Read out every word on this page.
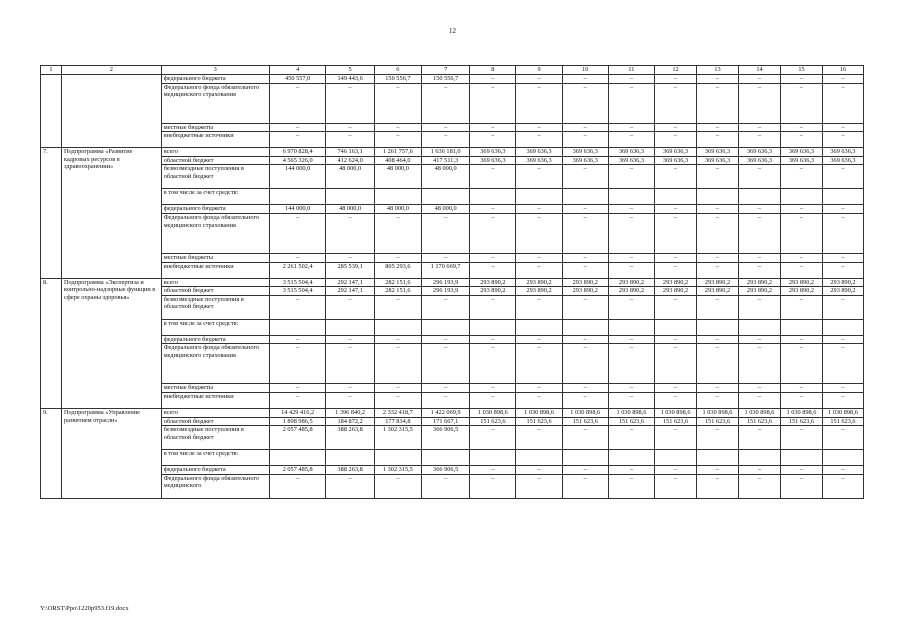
12
1	2	3	4	5	6	7	8	9	10	11	12	13	14	15	16
		федерального бюджета	450 557,0	149 443,6	150 556,7	150 556,7	–	–	–	–	–	–	–	–	–
		Федерального фонда обязательного медицинского страхования	–	–	–	–	–	–	–	–	–	–	–	–	–
		местные бюджеты	–	–	–	–	–	–	–	–	–	–	–	–	–
		внебюджетные источники	–	–	–	–	–	–	–	–	–	–	–	–	–
7.	Подпрограмма «Развитие кадровых ресурсов в здравоохранении»	всего	6 970 828,4	746 163,1	1 261 757,6	1 636 181,0	369 636,3	369 636,3	369 636,3	369 636,3	369 636,3	369 636,3	369 636,3	369 636,3	369 636,3
		областной бюджет	4 565 326,0	412 624,0	408 464,0	417 511,3	369 636,3	369 636,3	369 636,3	369 636,3	369 636,3	369 636,3	369 636,3	369 636,3	369 636,3
		безвозмездные поступления в областной бюджет	144 000,0	48 000,0	48 000,0	48 000,0	–	–	–	–	–	–	–	–	–
		в том числе за счет средств:													
		федерального бюджета	144 000,0	48 000,0	48 000,0	48 000,0	–	–	–	–	–	–	–	–	–
		Федерального фонда обязательного медицинского страхования	–	–	–	–	–	–	–	–	–	–	–	–	–
		местные бюджеты	–	–	–	–	–	–	–	–	–	–	–	–	–
		внебюджетные источники	2 261 502,4	285 539,1	805 293,6	1 170 669,7	–	–	–	–	–	–	–	–	–
8.	Подпрограмма «Экспертиза и контрольно-надзорные функции в сфере охраны здоровья»	всего	3 515 504,4	292 147,1	282 151,6	296 193,9	293 890,2	293 890,2	293 890,2	293 890,2	293 890,2	293 890,2	293 890,2	293 890,2	293 890,2
		областной бюджет	3 515 504,4	292 147,1	282 151,6	296 193,9	293 890,2	293 890,2	293 890,2	293 890,2	293 890,2	293 890,2	293 890,2	293 890,2	293 890,2
		безвозмездные поступления в областной бюджет	–	–	–	–	–	–	–	–	–	–	–	–	–
		в том числе за счет средств:													
		федерального бюджета	–	–	–	–	–	–	–	–	–	–	–	–	–
		Федерального фонда обязательного медицинского страхования	–	–	–	–	–	–	–	–	–	–	–	–	–
		местные бюджеты	–	–	–	–	–	–	–	–	–	–	–	–	–
		внебюджетные источники	–	–	–	–	–	–	–	–	–	–	–	–	–
9.	Подпрограмма «Управление развитием отрасли»	всего	14 429 416,2	1 396 840,2	2 332 418,7	1 422 069,9	1 030 898,6	1 030 898,6	1 030 898,6	1 030 898,6	1 030 898,6	1 030 898,6	1 030 898,6	1 030 898,6	1 030 898,6
		областной бюджет	1 898 986,5	184 872,2	177 834,8	171 667,1	151 623,6	151 623,6	151 623,6	151 623,6	151 623,6	151 623,6	151 623,6	151 623,6	151 623,6
		безвозмездные поступления в областной бюджет	2 057 485,8	388 263,8	1 302 315,5	366 906,5	–	–	–	–	–	–	–	–	–
		в том числе за счет средств:													
		федерального бюджета	2 057 485,8	388 263,8	1 302 315,5	366 906,5	–	–	–	–	–	–	–	–	–
		Федерального фонда обязательного медицинского	–	–	–	–	–	–	–	–	–	–	–	–	–
Y:\ORST\Ppo\1220p953.f19.docx
